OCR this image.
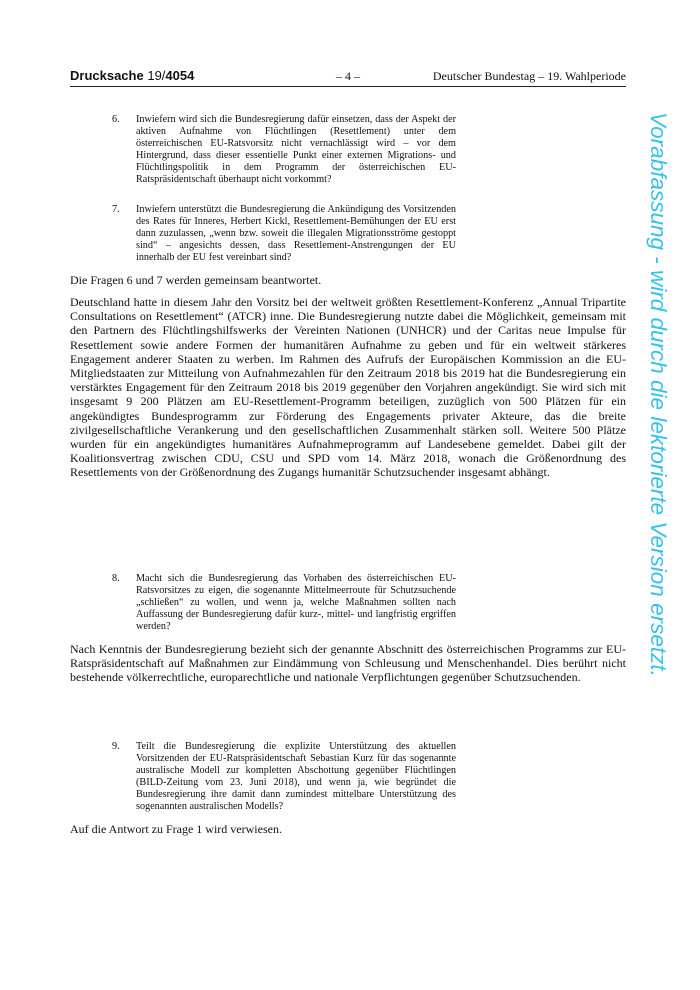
Drucksache 19/4054	– 4 –	Deutscher Bundestag – 19. Wahlperiode
Vorabfassung - wird durch die lektorierte Version ersetzt.
6. Inwiefern wird sich die Bundesregierung dafür einsetzen, dass der Aspekt der aktiven Aufnahme von Flüchtlingen (Resettlement) unter dem österreichischen EU-Ratsvorsitz nicht vernachlässigt wird – vor dem Hintergrund, dass dieser essentielle Punkt einer externen Migrations- und Flüchtlingspolitik in dem Programm der österreichischen EU-Ratspräsidentschaft überhaupt nicht vorkommt?
7. Inwiefern unterstützt die Bundesregierung die Ankündigung des Vorsitzenden des Rates für Inneres, Herbert Kickl, Resettlement-Bemühungen der EU erst dann zuzulassen, „wenn bzw. soweit die illegalen Migrationsströme gestoppt sind“ – angesichts dessen, dass Resettlement-Anstrengungen der EU innerhalb der EU fest vereinbart sind?
Die Fragen 6 und 7 werden gemeinsam beantwortet.
Deutschland hatte in diesem Jahr den Vorsitz bei der weltweit größten Resettlement-Konferenz „Annual Tripartite Consultations on Resettlement“ (ATCR) inne. Die Bundesregierung nutzte dabei die Möglichkeit, gemeinsam mit den Partnern des Flüchtlingshilfswerks der Vereinten Nationen (UNHCR) und der Caritas neue Impulse für Resettlement sowie andere Formen der humanitären Aufnahme zu geben und für ein weltweit stärkeres Engagement anderer Staaten zu werben. Im Rahmen des Aufrufs der Europäischen Kommission an die EU-Mitgliedstaaten zur Mitteilung von Aufnahmezahlen für den Zeitraum 2018 bis 2019 hat die Bundesregierung ein verstärktes Engagement für den Zeitraum 2018 bis 2019 gegenüber den Vorjahren angekündigt. Sie wird sich mit insgesamt 9 200 Plätzen am EU-Resettlement-Programm beteiligen, zuzüglich von 500 Plätzen für ein angekündigtes Bundesprogramm zur Förderung des Engagements privater Akteure, das die breite zivilgesellschaftliche Verankerung und den gesellschaftlichen Zusammenhalt stärken soll. Weitere 500 Plätze wurden für ein angekündigtes humanitäres Aufnahmeprogramm auf Landesebene gemeldet. Dabei gilt der Koalitionsvertrag zwischen CDU, CSU und SPD vom 14. März 2018, wonach die Größenordnung des Resettlements von der Größenordnung des Zugangs humanitär Schutzsuchender insgesamt abhängt.
8. Macht sich die Bundesregierung das Vorhaben des österreichischen EU-Ratsvorsitzes zu eigen, die sogenannte Mittelmeerroute für Schutzsuchende „schließen“ zu wollen, und wenn ja, welche Maßnahmen sollten nach Auffassung der Bundesregierung dafür kurz-, mittel- und langfristig ergriffen werden?
Nach Kenntnis der Bundesregierung bezieht sich der genannte Abschnitt des österreichischen Programms zur EU-Ratspräsidentschaft auf Maßnahmen zur Eindämmung von Schleusung und Menschenhandel. Dies berührt nicht bestehende völkerrechtliche, europarechtliche und nationale Verpflichtungen gegenüber Schutzsuchenden.
9. Teilt die Bundesregierung die explizite Unterstützung des aktuellen Vorsitzenden der EU-Ratspräsidentschaft Sebastian Kurz für das sogenannte australische Modell zur kompletten Abschottung gegenüber Flüchtlingen (BILD-Zeitung vom 23. Juni 2018), und wenn ja, wie begründet die Bundesregierung ihre damit dann zumindest mittelbare Unterstützung des sogenannten australischen Modells?
Auf die Antwort zu Frage 1 wird verwiesen.
